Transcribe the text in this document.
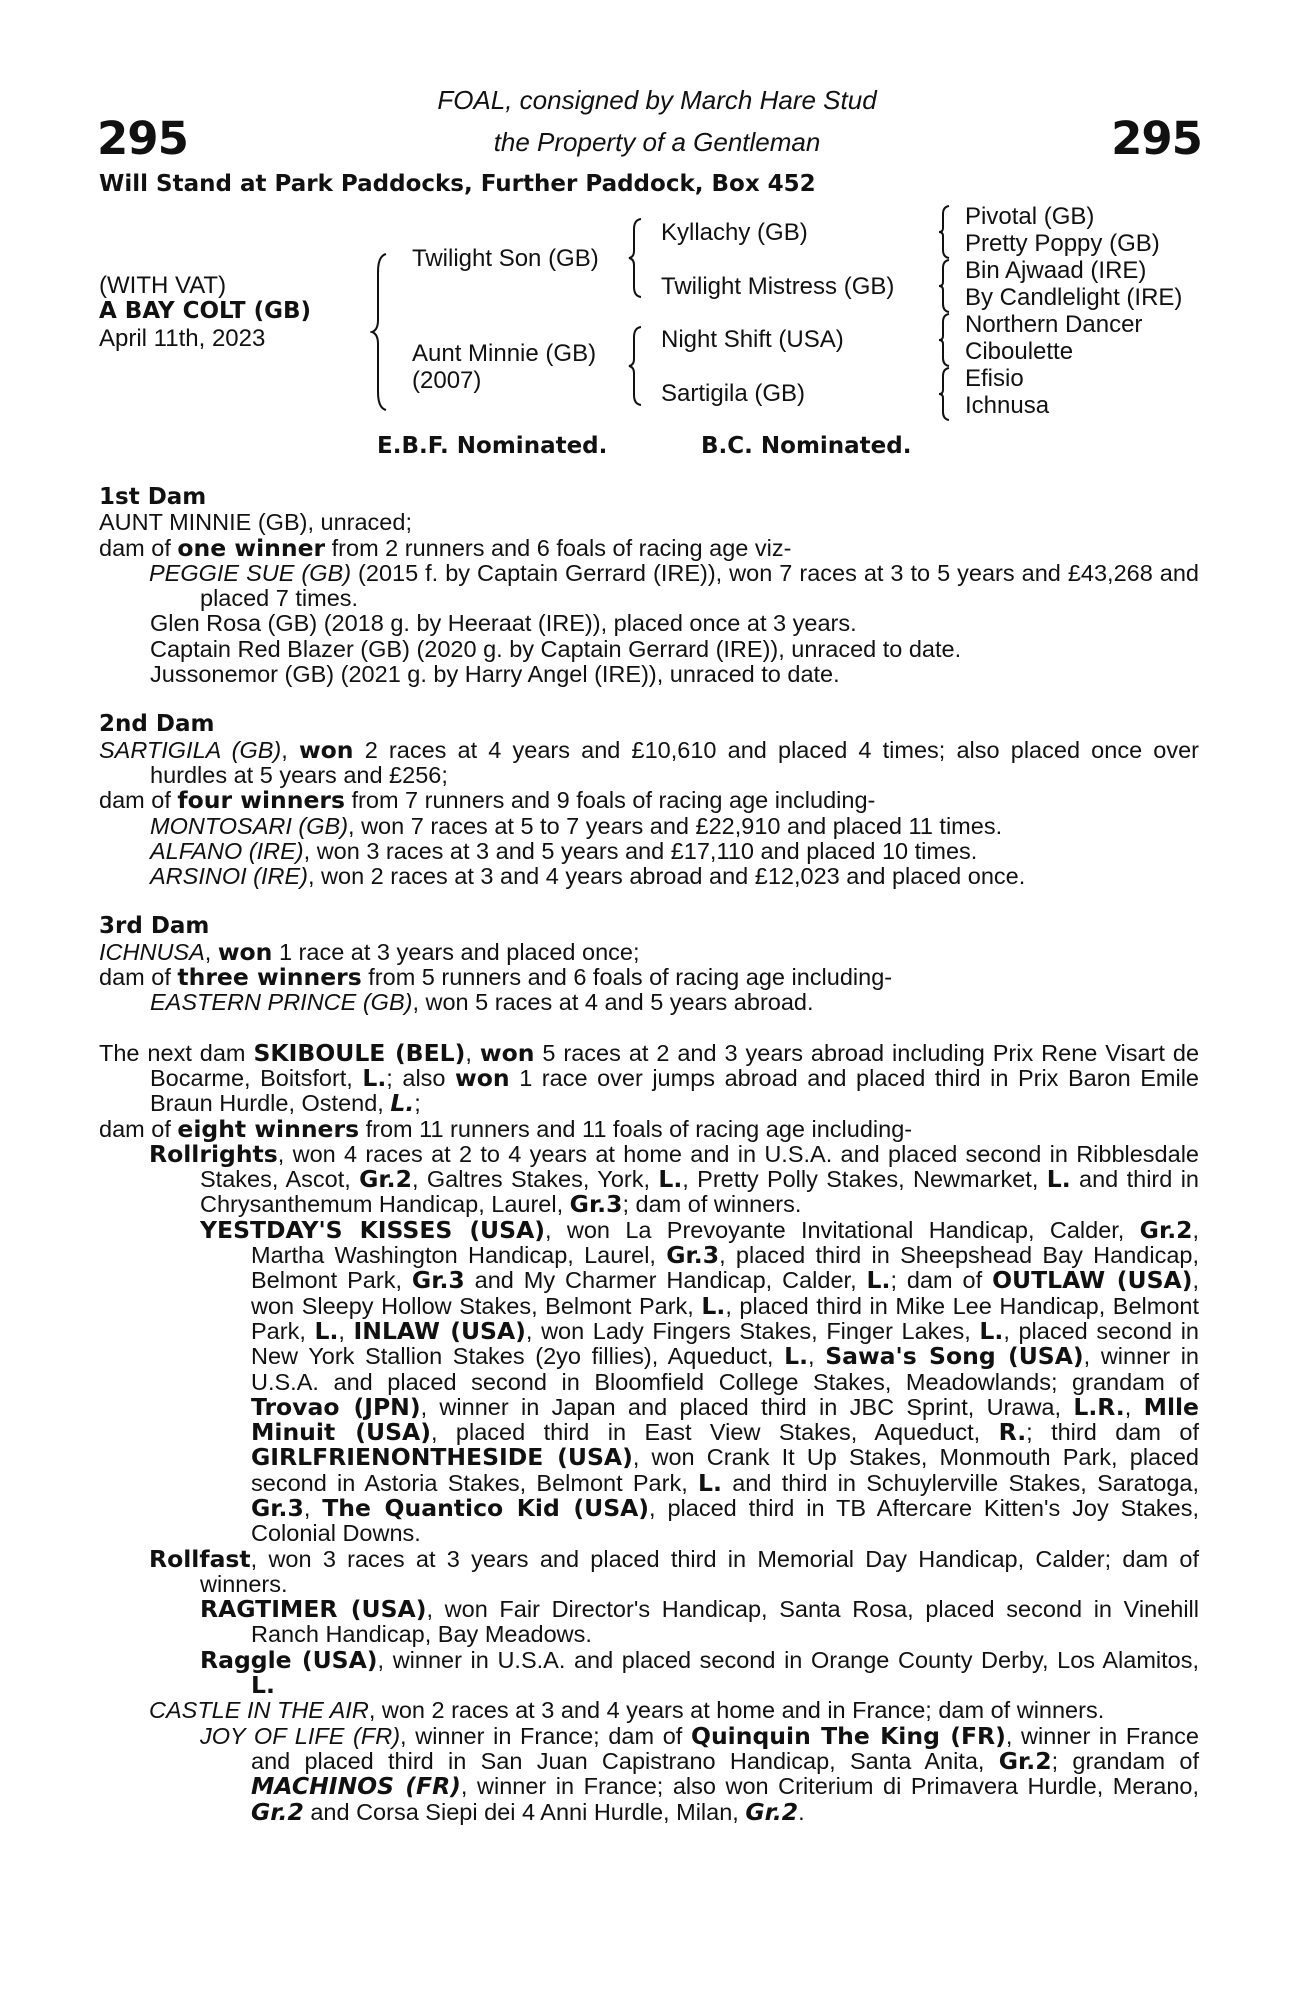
295	295
FOAL, consigned by March Hare Stud
the Property of a Gentleman
Will Stand at Park Paddocks, Further Paddock, Box 452
(WITH VAT)
A BAY COLT (GB)
April 11th, 2023
Twilight Son (GB)
Aunt Minnie (GB)
(2007)
Kyllachy (GB)
Twilight Mistress (GB)
Night Shift (USA)
Sartigila (GB)
Pivotal (GB)
Pretty Poppy (GB)
Bin Ajwaad (IRE)
By Candlelight (IRE)
Northern Dancer
Ciboulette
Efisio
Ichnusa
E.B.F. Nominated.	B.C. Nominated.
1st Dam
AUNT MINNIE (GB), unraced;
dam of one winner from 2 runners and 6 foals of racing age viz-
PEGGIE SUE (GB) (2015 f. by Captain Gerrard (IRE)), won 7 races at 3 to 5 years and £43,268 and placed 7 times.
Glen Rosa (GB) (2018 g. by Heeraat (IRE)), placed once at 3 years.
Captain Red Blazer (GB) (2020 g. by Captain Gerrard (IRE)), unraced to date.
Jussonemor (GB) (2021 g. by Harry Angel (IRE)), unraced to date.
2nd Dam
SARTIGILA (GB), won 2 races at 4 years and £10,610 and placed 4 times; also placed once over hurdles at 5 years and £256;
dam of four winners from 7 runners and 9 foals of racing age including-
MONTOSARI (GB), won 7 races at 5 to 7 years and £22,910 and placed 11 times.
ALFANO (IRE), won 3 races at 3 and 5 years and £17,110 and placed 10 times.
ARSINOI (IRE), won 2 races at 3 and 4 years abroad and £12,023 and placed once.
3rd Dam
ICHNUSA, won 1 race at 3 years and placed once;
dam of three winners from 5 runners and 6 foals of racing age including-
EASTERN PRINCE (GB), won 5 races at 4 and 5 years abroad.
The next dam SKIBOULE (BEL), won 5 races at 2 and 3 years abroad including Prix Rene Visart de Bocarme, Boitsfort, L.; also won 1 race over jumps abroad and placed third in Prix Baron Emile Braun Hurdle, Ostend, L.;
dam of eight winners from 11 runners and 11 foals of racing age including-
Rollrights, won 4 races at 2 to 4 years at home and in U.S.A. and placed second in Ribblesdale Stakes, Ascot, Gr.2, Galtres Stakes, York, L., Pretty Polly Stakes, Newmarket, L. and third in Chrysanthemum Handicap, Laurel, Gr.3; dam of winners.
YESTDAY'S KISSES (USA), won La Prevoyante Invitational Handicap, Calder, Gr.2, Martha Washington Handicap, Laurel, Gr.3, placed third in Sheepshead Bay Handicap, Belmont Park, Gr.3 and My Charmer Handicap, Calder, L.; dam of OUTLAW (USA), won Sleepy Hollow Stakes, Belmont Park, L., placed third in Mike Lee Handicap, Belmont Park, L., INLAW (USA), won Lady Fingers Stakes, Finger Lakes, L., placed second in New York Stallion Stakes (2yo fillies), Aqueduct, L., Sawa's Song (USA), winner in U.S.A. and placed second in Bloomfield College Stakes, Meadowlands; grandam of Trovao (JPN), winner in Japan and placed third in JBC Sprint, Urawa, L.R., Mlle Minuit (USA), placed third in East View Stakes, Aqueduct, R.; third dam of GIRLFRIENONTHESIDE (USA), won Crank It Up Stakes, Monmouth Park, placed second in Astoria Stakes, Belmont Park, L. and third in Schuylerville Stakes, Saratoga, Gr.3, The Quantico Kid (USA), placed third in TB Aftercare Kitten's Joy Stakes, Colonial Downs.
Rollfast, won 3 races at 3 years and placed third in Memorial Day Handicap, Calder; dam of winners.
RAGTIMER (USA), won Fair Director's Handicap, Santa Rosa, placed second in Vinehill Ranch Handicap, Bay Meadows.
Raggle (USA), winner in U.S.A. and placed second in Orange County Derby, Los Alamitos, L.
CASTLE IN THE AIR, won 2 races at 3 and 4 years at home and in France; dam of winners.
JOY OF LIFE (FR), winner in France; dam of Quinquin The King (FR), winner in France and placed third in San Juan Capistrano Handicap, Santa Anita, Gr.2; grandam of MACHINOS (FR), winner in France; also won Criterium di Primavera Hurdle, Merano, Gr.2 and Corsa Siepi dei 4 Anni Hurdle, Milan, Gr.2.
